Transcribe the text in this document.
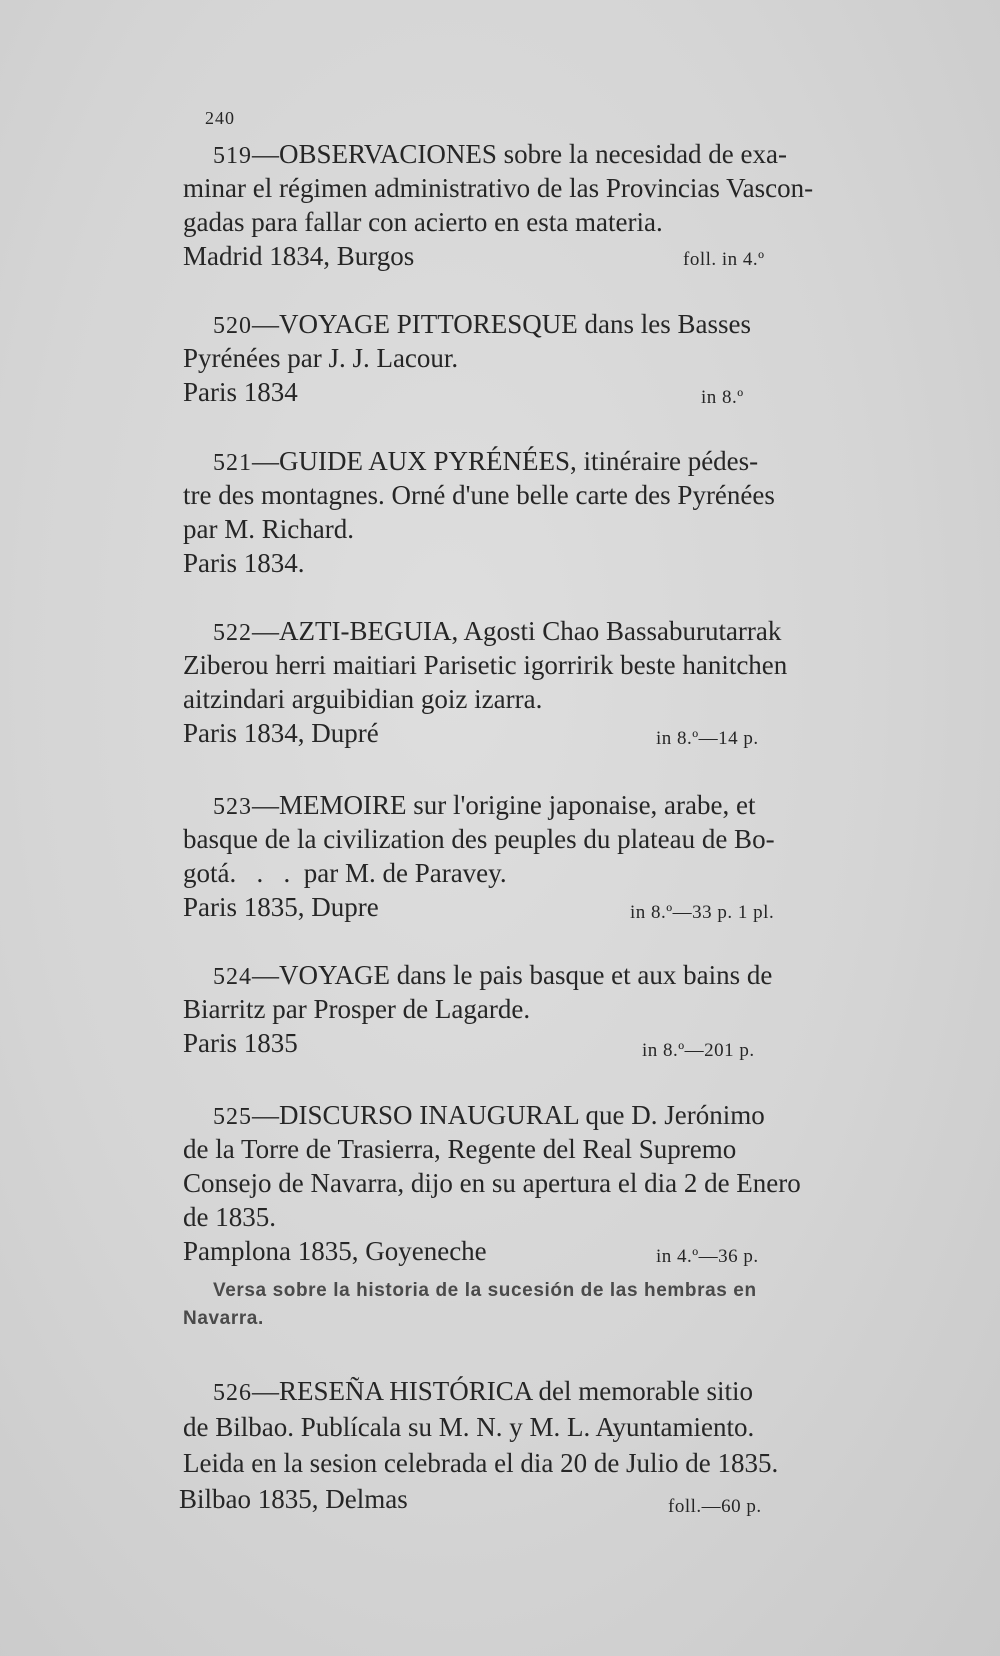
240
519—OBSERVACIONES sobre la necesidad de exa-
minar el régimen administrativo de las Provincias Vascon-
gadas para fallar con acierto en esta materia.
Madrid 1834, Burgos	foll. in 4.º
520—VOYAGE PITTORESQUE dans les Basses
Pyrénées par J. J. Lacour.
Paris 1834	in 8.º
521—GUIDE AUX PYRÉNÉES, itinéraire pédes-
tre des montagnes. Orné d'une belle carte des Pyrénées
par M. Richard.
Paris 1834.
522—AZTI-BEGUIA, Agosti Chao Bassaburutarrak
Ziberou herri maitiari Parisetic igorririk beste hanitchen
aitzindari arguibidian goiz izarra.
Paris 1834, Dupré	in 8.º—14 p.
523—MEMOIRE sur l'origine japonaise, arabe, et
basque de la civilization des peuples du plateau de Bo-
gotá.   .   .  par M. de Paravey.
Paris 1835, Dupre	in 8.º—33 p. 1 pl.
524—VOYAGE dans le pais basque et aux bains de
Biarritz par Prosper de Lagarde.
Paris 1835	in 8.º—201 p.
525—DISCURSO INAUGURAL que D. Jerónimo
de la Torre de Trasierra, Regente del Real Supremo
Consejo de Navarra, dijo en su apertura el dia 2 de Enero
de 1835.
Pamplona 1835, Goyeneche	in 4.º—36 p.
Versa sobre la historia de la sucesión de las hembras en
Navarra.
526—RESEÑA HISTÓRICA del memorable sitio
de Bilbao. Publícala su M. N. y M. L. Ayuntamiento.
Leida en la sesion celebrada el dia 20 de Julio de 1835.
Bilbao 1835, Delmas	foll.—60 p.
